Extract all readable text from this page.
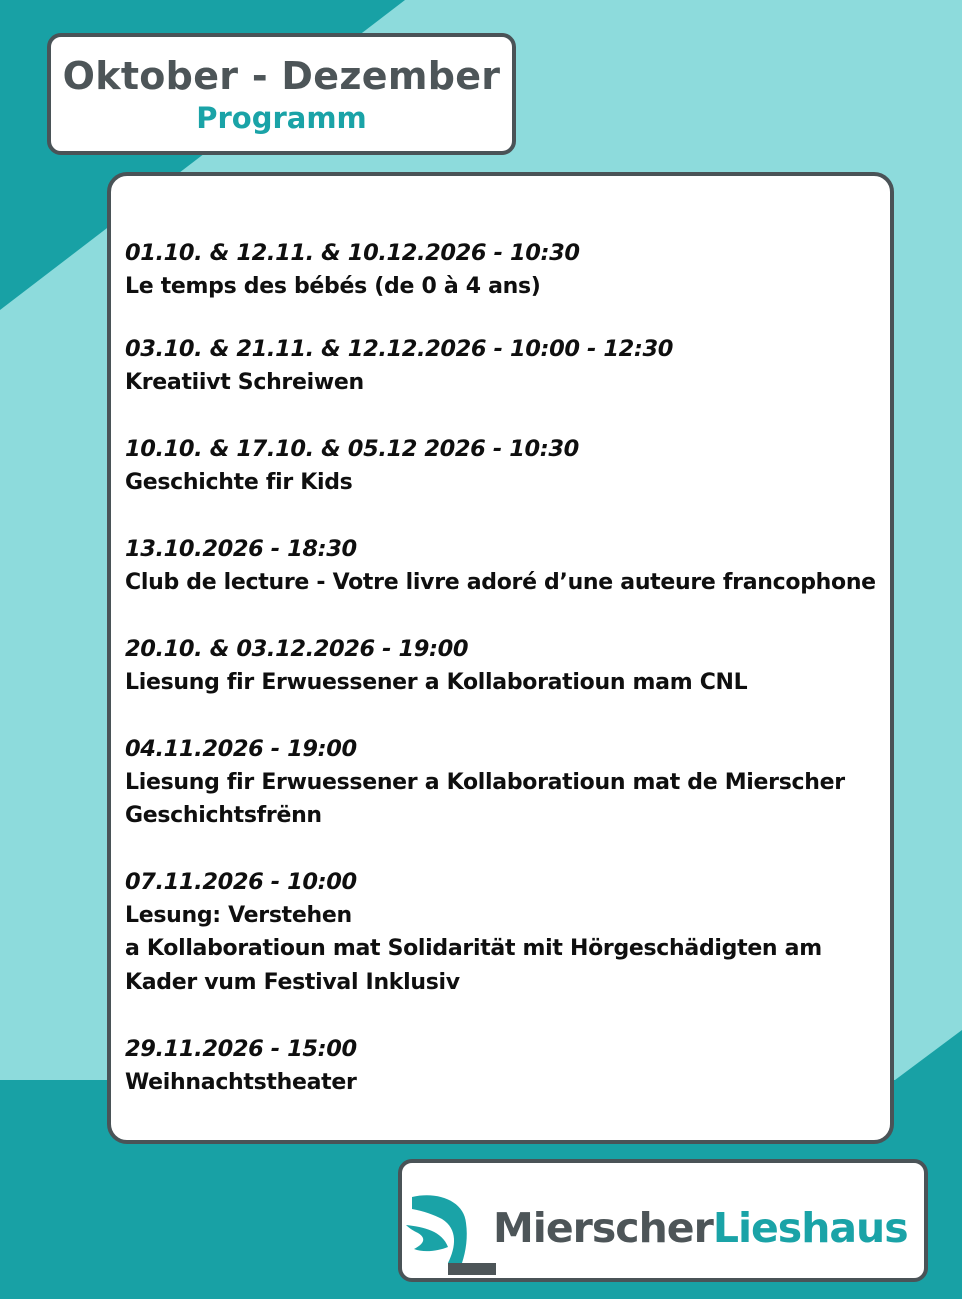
Oktober - Dezember
Programm
01.10. & 12.11. & 10.12.2026 - 10:30
Le temps des bébés (de 0 à 4 ans)
03.10. & 21.11. & 12.12.2026 - 10:00 - 12:30
Kreatiivt Schreiwen
10.10. & 17.10. & 05.12 2026 - 10:30
Geschichte fir Kids
13.10.2026 - 18:30
Club de lecture - Votre livre adoré d’une auteure francophone
20.10. & 03.12.2026 - 19:00
Liesung fir Erwuessener a Kollaboratioun mam CNL
04.11.2026 - 19:00
Liesung fir Erwuessener a Kollaboratioun mat de Mierscher
Geschichtsfrënn
07.11.2026 - 10:00
Lesung: Verstehen
a Kollaboratioun mat Solidarität mit Hörgeschädigten am
Kader vum Festival Inklusiv
29.11.2026 - 15:00
Weihnachtstheater
MierscherLieshaus
